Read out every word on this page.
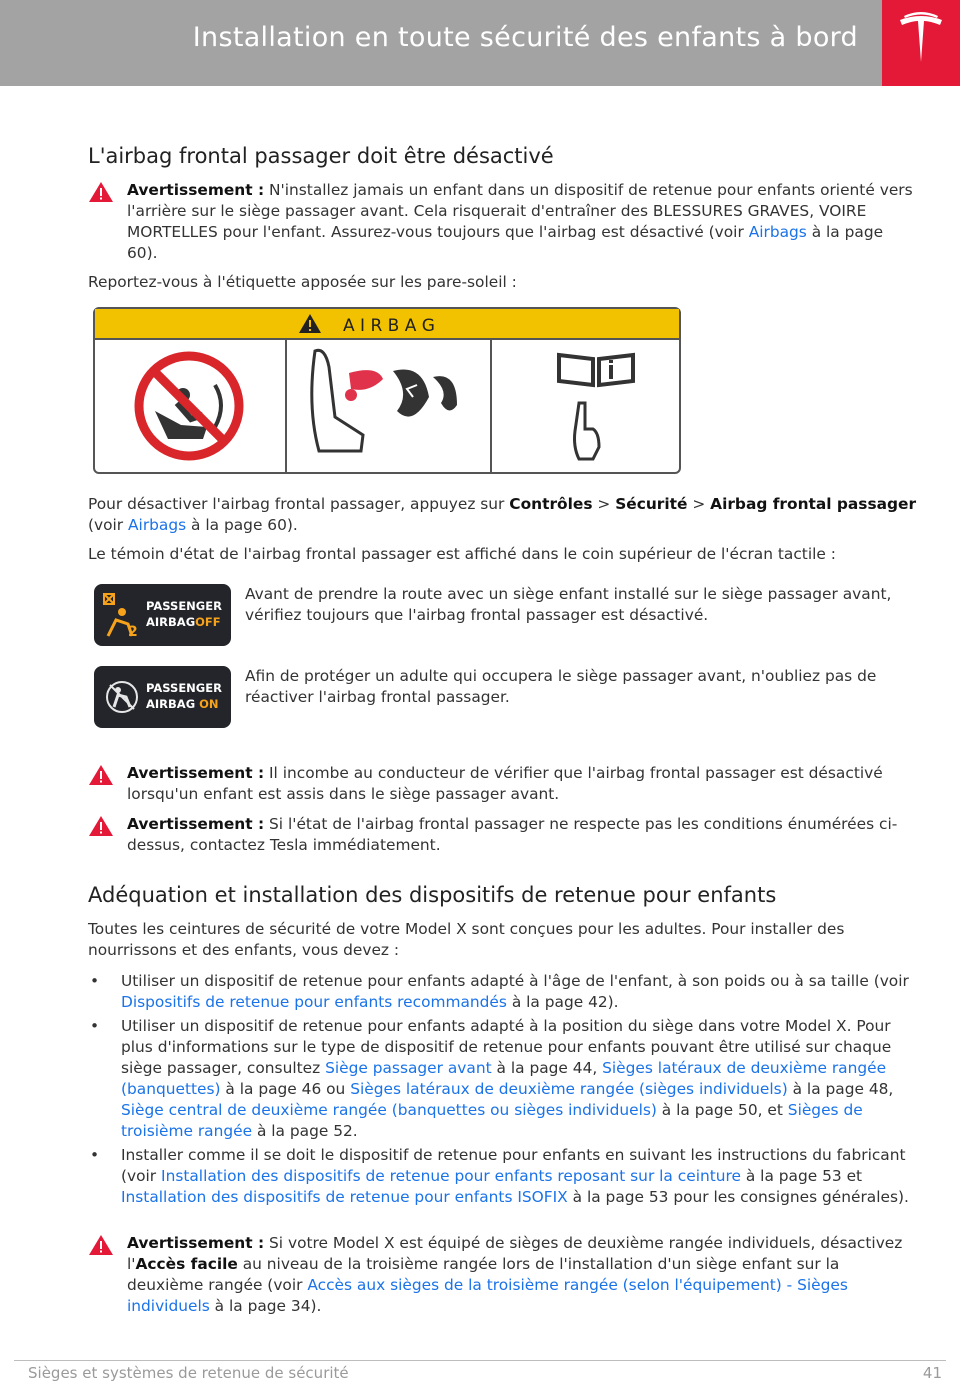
Installation en toute sécurité des enfants à bord
L'airbag frontal passager doit être désactivé
Avertissement : N'installez jamais un enfant dans un dispositif de retenue pour enfants orienté vers l'arrière sur le siège passager avant. Cela risquerait d'entraîner des BLESSURES GRAVES, VOIRE MORTELLES pour l'enfant. Assurez-vous toujours que l'airbag est désactivé (voir Airbags à la page 60).
Reportez-vous à l'étiquette apposée sur les pare-soleil :
A I R B A G
Pour désactiver l'airbag frontal passager, appuyez sur Contrôles > Sécurité > Airbag frontal passager (voir Airbags à la page 60).
Le témoin d'état de l'airbag frontal passager est affiché dans le coin supérieur de l'écran tactile :
2
PASSENGER
AIRBAGOFF
Avant de prendre la route avec un siège enfant installé sur le siège passager avant, vérifiez toujours que l'airbag frontal passager est désactivé.
PASSENGER
AIRBAG ON
Afin de protéger un adulte qui occupera le siège passager avant, n'oubliez pas de réactiver l'airbag frontal passager.
Avertissement : Il incombe au conducteur de vérifier que l'airbag frontal passager est désactivé lorsqu'un enfant est assis dans le siège passager avant.
Avertissement : Si l'état de l'airbag frontal passager ne respecte pas les conditions énumérées ci-dessus, contactez Tesla immédiatement.
Adéquation et installation des dispositifs de retenue pour enfants
Toutes les ceintures de sécurité de votre Model X sont conçues pour les adultes. Pour installer des nourrissons et des enfants, vous devez :
• Utiliser un dispositif de retenue pour enfants adapté à l'âge de l'enfant, à son poids ou à sa taille (voir Dispositifs de retenue pour enfants recommandés à la page 42).
• Utiliser un dispositif de retenue pour enfants adapté à la position du siège dans votre Model X. Pour plus d'informations sur le type de dispositif de retenue pour enfants pouvant être utilisé sur chaque siège passager, consultez Siège passager avant à la page 44, Sièges latéraux de deuxième rangée (banquettes) à la page 46 ou Sièges latéraux de deuxième rangée (sièges individuels) à la page 48, Siège central de deuxième rangée (banquettes ou sièges individuels) à la page 50, et Sièges de troisième rangée à la page 52.
• Installer comme il se doit le dispositif de retenue pour enfants en suivant les instructions du fabricant (voir Installation des dispositifs de retenue pour enfants reposant sur la ceinture à la page 53 et Installation des dispositifs de retenue pour enfants ISOFIX à la page 53 pour les consignes générales).
Avertissement : Si votre Model X est équipé de sièges de deuxième rangée individuels, désactivez l'Accès facile au niveau de la troisième rangée lors de l'installation d'un siège enfant sur la deuxième rangée (voir Accès aux sièges de la troisième rangée (selon l'équipement) - Sièges individuels à la page 34).
Sièges et systèmes de retenue de sécurité	41
